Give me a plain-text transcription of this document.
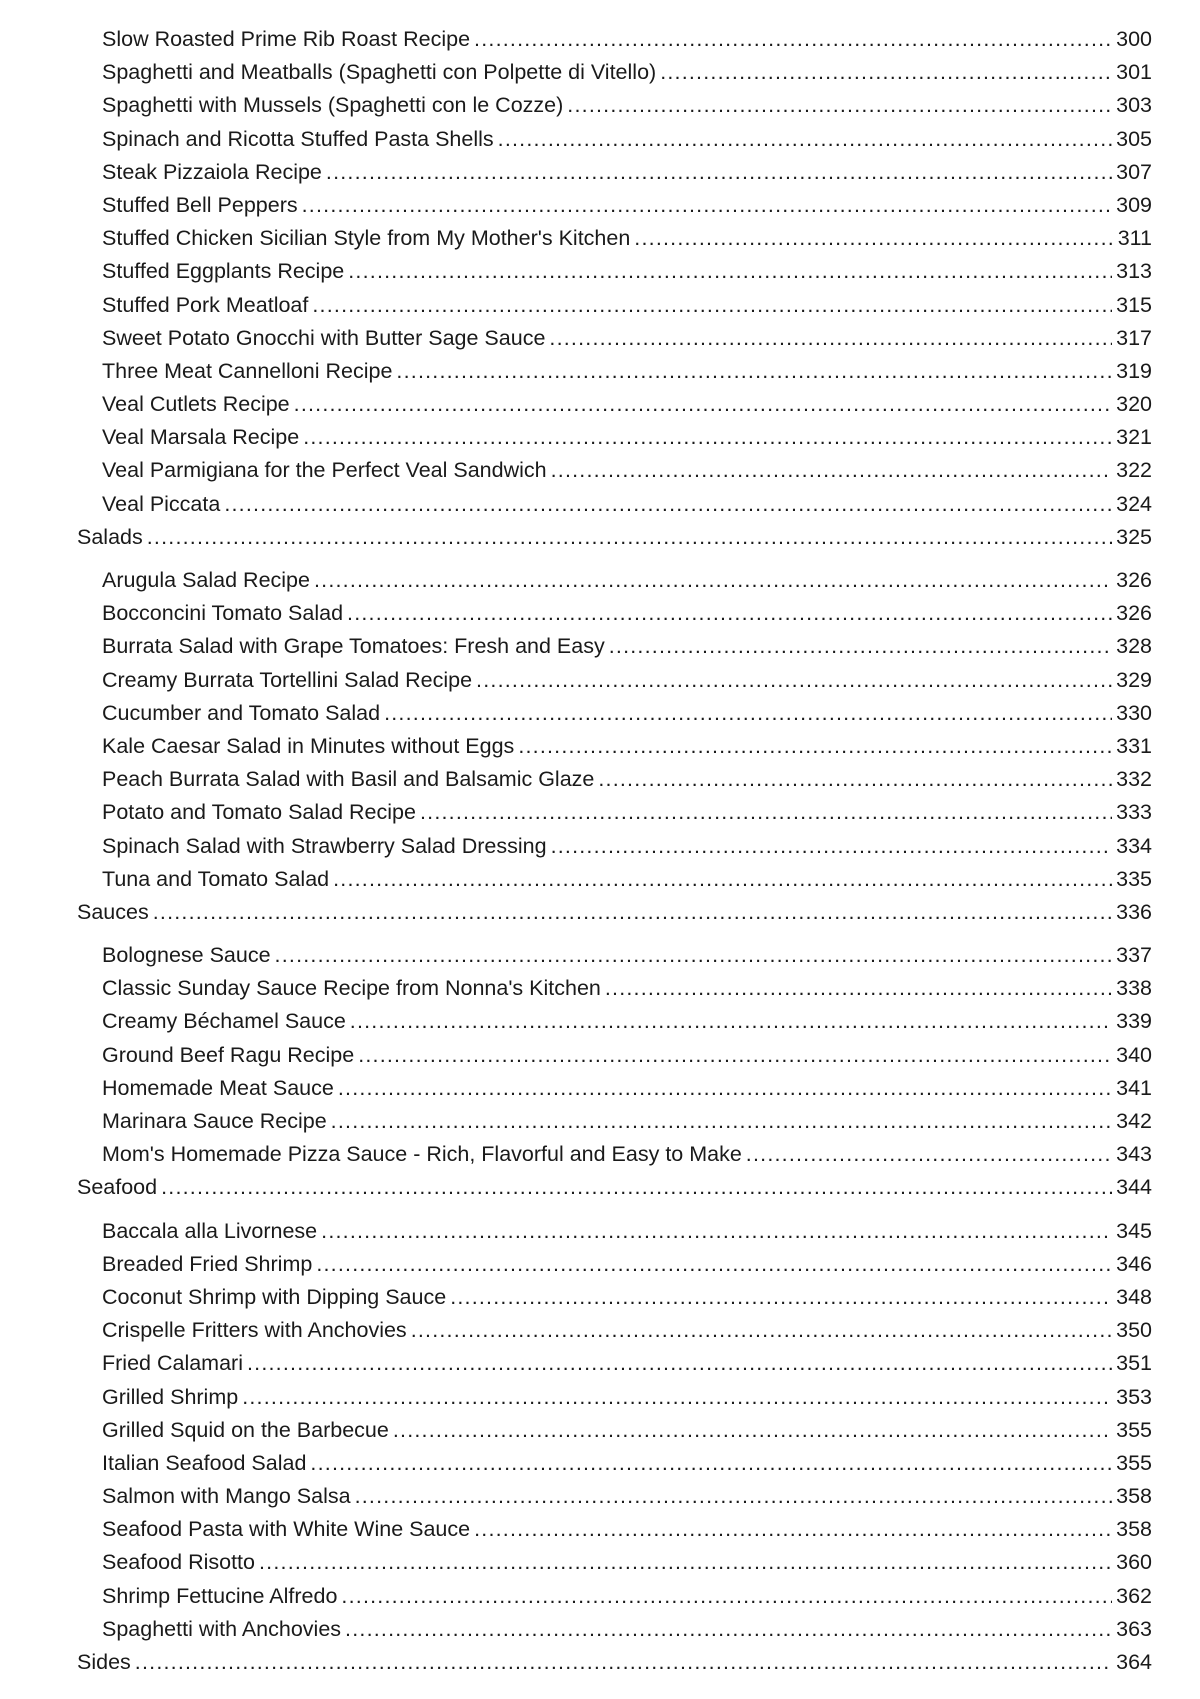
Slow Roasted Prime Rib Roast Recipe .....	300
Spaghetti and Meatballs (Spaghetti con Polpette di Vitello) .....	301
Spaghetti with Mussels (Spaghetti con le Cozze) .....	303
Spinach and Ricotta Stuffed Pasta Shells .....	305
Steak Pizzaiola Recipe .....	307
Stuffed Bell Peppers .....	309
Stuffed Chicken Sicilian Style from My Mother's Kitchen .....	311
Stuffed Eggplants Recipe .....	313
Stuffed Pork Meatloaf .....	315
Sweet Potato Gnocchi with Butter Sage Sauce .....	317
Three Meat Cannelloni Recipe .....	319
Veal Cutlets Recipe .....	320
Veal Marsala Recipe .....	321
Veal Parmigiana for the Perfect Veal Sandwich .....	322
Veal Piccata .....	324
Salads .....	325
Arugula Salad Recipe .....	326
Bocconcini Tomato Salad .....	326
Burrata Salad with Grape Tomatoes: Fresh and Easy .....	328
Creamy Burrata Tortellini Salad Recipe .....	329
Cucumber and Tomato Salad .....	330
Kale Caesar Salad in Minutes without Eggs .....	331
Peach Burrata Salad with Basil and Balsamic Glaze .....	332
Potato and Tomato Salad Recipe .....	333
Spinach Salad with Strawberry Salad Dressing .....	334
Tuna and Tomato Salad .....	335
Sauces .....	336
Bolognese Sauce .....	337
Classic Sunday Sauce Recipe from Nonna's Kitchen .....	338
Creamy Béchamel Sauce .....	339
Ground Beef Ragu Recipe .....	340
Homemade Meat Sauce .....	341
Marinara Sauce Recipe .....	342
Mom's Homemade Pizza Sauce - Rich, Flavorful and Easy to Make .....	343
Seafood .....	344
Baccala alla Livornese .....	345
Breaded Fried Shrimp .....	346
Coconut Shrimp with Dipping Sauce .....	348
Crispelle Fritters with Anchovies .....	350
Fried Calamari .....	351
Grilled Shrimp .....	353
Grilled Squid on the Barbecue .....	355
Italian Seafood Salad .....	355
Salmon with Mango Salsa .....	358
Seafood Pasta with White Wine Sauce .....	358
Seafood Risotto .....	360
Shrimp Fettucine Alfredo .....	362
Spaghetti with Anchovies .....	363
Sides .....	364
